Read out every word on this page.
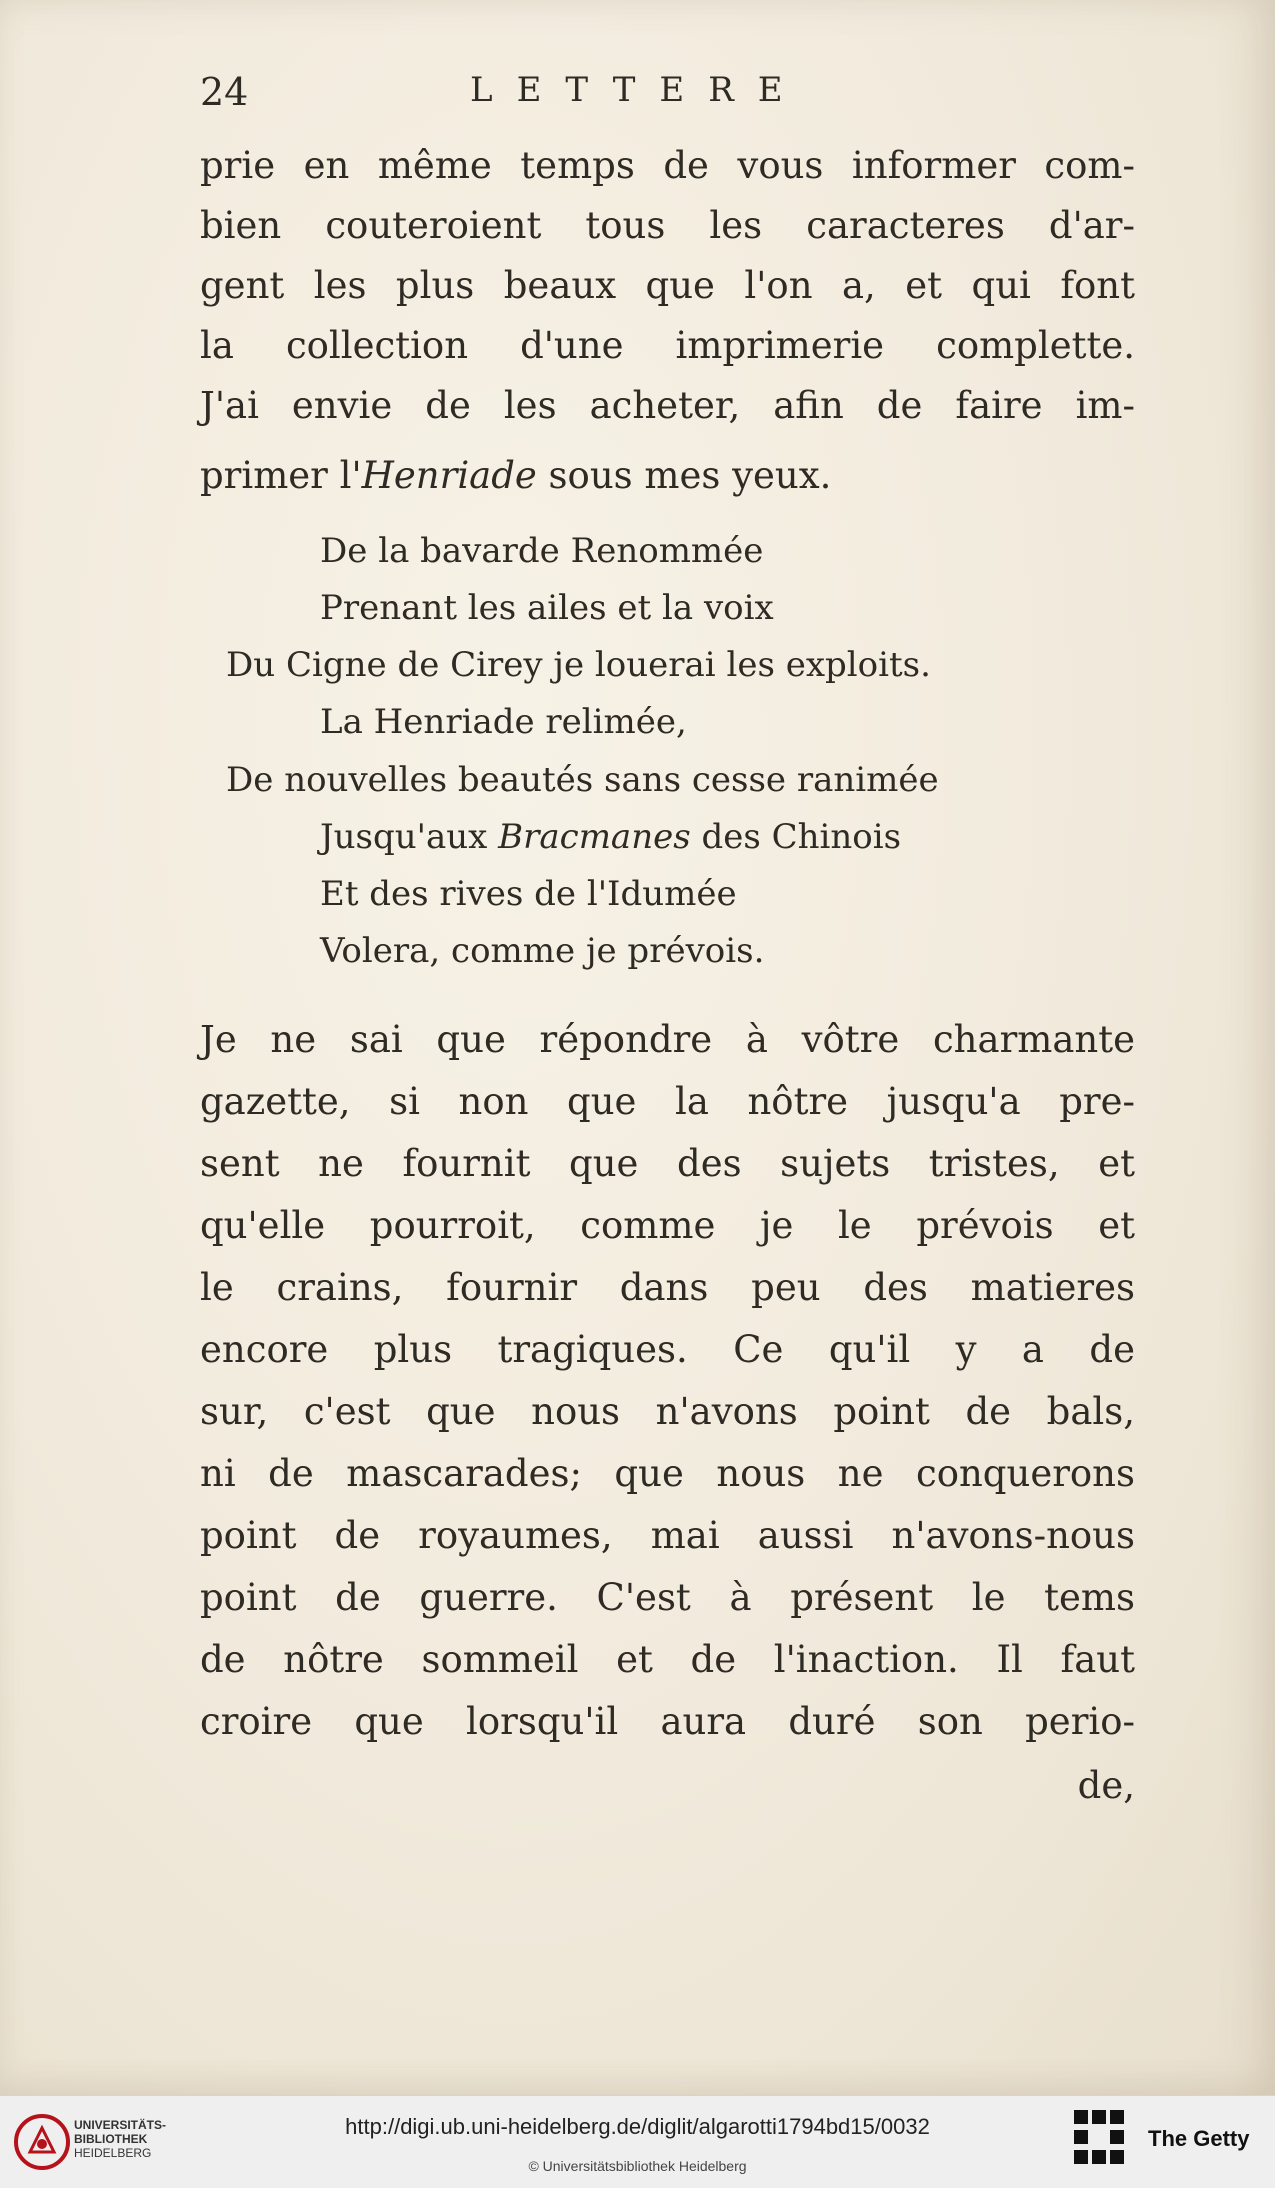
24	LETTERE
prie en même temps de vous informer com-
bien couteroient tous les caracteres d'ar-
gent les plus beaux que l'on a, et qui font
la collection d'une imprimerie complette.
J'ai envie de les acheter, afin de faire im-
primer l'Henriade sous mes yeux.
De la bavarde Renommée
Prenant les ailes et la voix
Du Cigne de Cirey je louerai les exploits.
La Henriade relimée,
De nouvelles beautés sans cesse ranimée
Jusqu'aux Bracmanes des Chinois
Et des rives de l'Idumée
Volera, comme je prévois.
Je ne sai que répondre à vôtre charmante
gazette, si non que la nôtre jusqu'a pre-
sent ne fournit que des sujets tristes, et
qu'elle pourroit, comme je le prévois et
le crains, fournir dans peu des matieres
encore plus tragiques. Ce qu'il y a de
sur, c'est que nous n'avons point de bals,
ni de mascarades; que nous ne conquerons
point de royaumes, mai aussi n'avons-nous
point de guerre. C'est à présent le tems
de nôtre sommeil et de l'inaction. Il faut
croire que lorsqu'il aura duré son perio-
de,
UNIVERSITÄTS-
BIBLIOTHEK
HEIDELBERG
http://digi.ub.uni-heidelberg.de/diglit/algarotti1794bd15/0032
© Universitätsbibliothek Heidelberg
The Getty
